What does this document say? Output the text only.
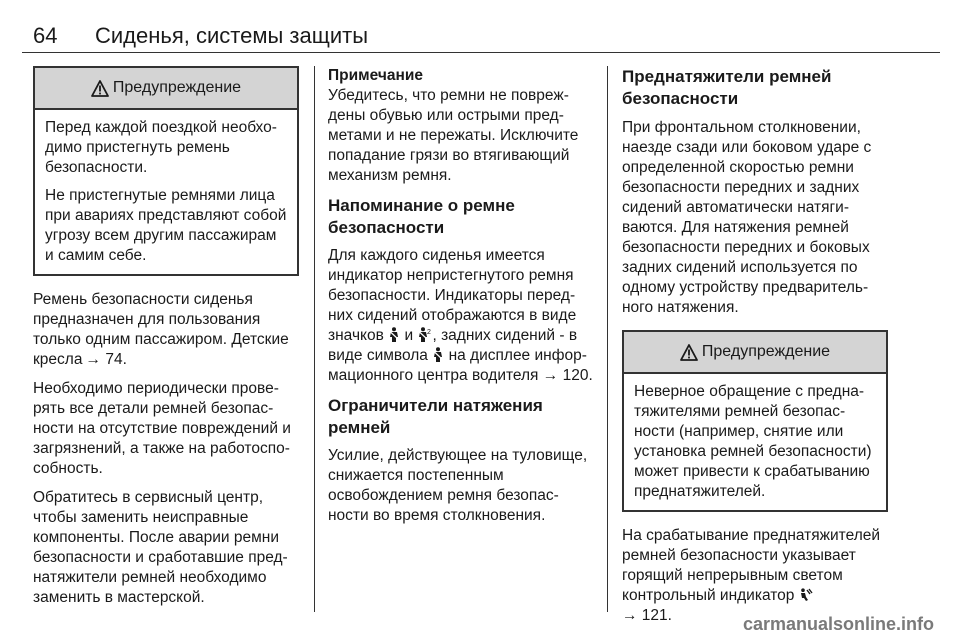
64 Сиденья, системы защиты
Предупреждение

Перед каждой поездкой необходимо пристегнуть ремень безопасности.

Не пристегнутые ремнями лица при авариях представляют собой угрозу всем другим пассажирам и самим себе.

Ремень безопасности сиденья предназначен для пользования только одним пассажиром. Детские кресла → 74.

Необходимо периодически проверять все детали ремней безопасности на отсутствие повреждений и загрязнений, а также на работоспособность.

Обратитесь в сервисный центр, чтобы заменить неисправные компоненты. После аварии ремни безопасности и сработавшие преднатяжители ремней необходимо заменить в мастерской.

Примечание
Убедитесь, что ремни не повреждены обувью или острыми предметами и не пережаты. Исключите попадание грязи во втягивающий механизм ремня.
Напоминание о ремне безопасности

Для каждого сиденья имеется индикатор непристегнутого ремня безопасности. Индикаторы передних сидений отображаются в виде значков и 2 , задних сидений - в виде символа на дисплее информационного центра водителя → 120.

Ограничители натяжения ремней

Усилие, действующее на туловище, снижается постепенным освобождением ремня безопасности во время столкновения.

Преднатяжители ремней безопасности

При фронтальном столкновении, наезде сзади или боковом ударе с определенной скоростью ремни безопасности передних и задних сидений автоматически натягиваются. Для натяжения ремней безопасности передних и боковых задних сидений используется по одному устройству предварительного натяжения.

Предупреждение

Неверное обращение с преднатяжителями ремней безопасности (например, снятие или установка ремней безопасности) может привести к срабатыванию преднатяжителей.

На срабатывание преднатяжителей ремней безопасности указывает горящий непрерывным светом контрольный индикатор
→ 121.	carmanualsonline.info
